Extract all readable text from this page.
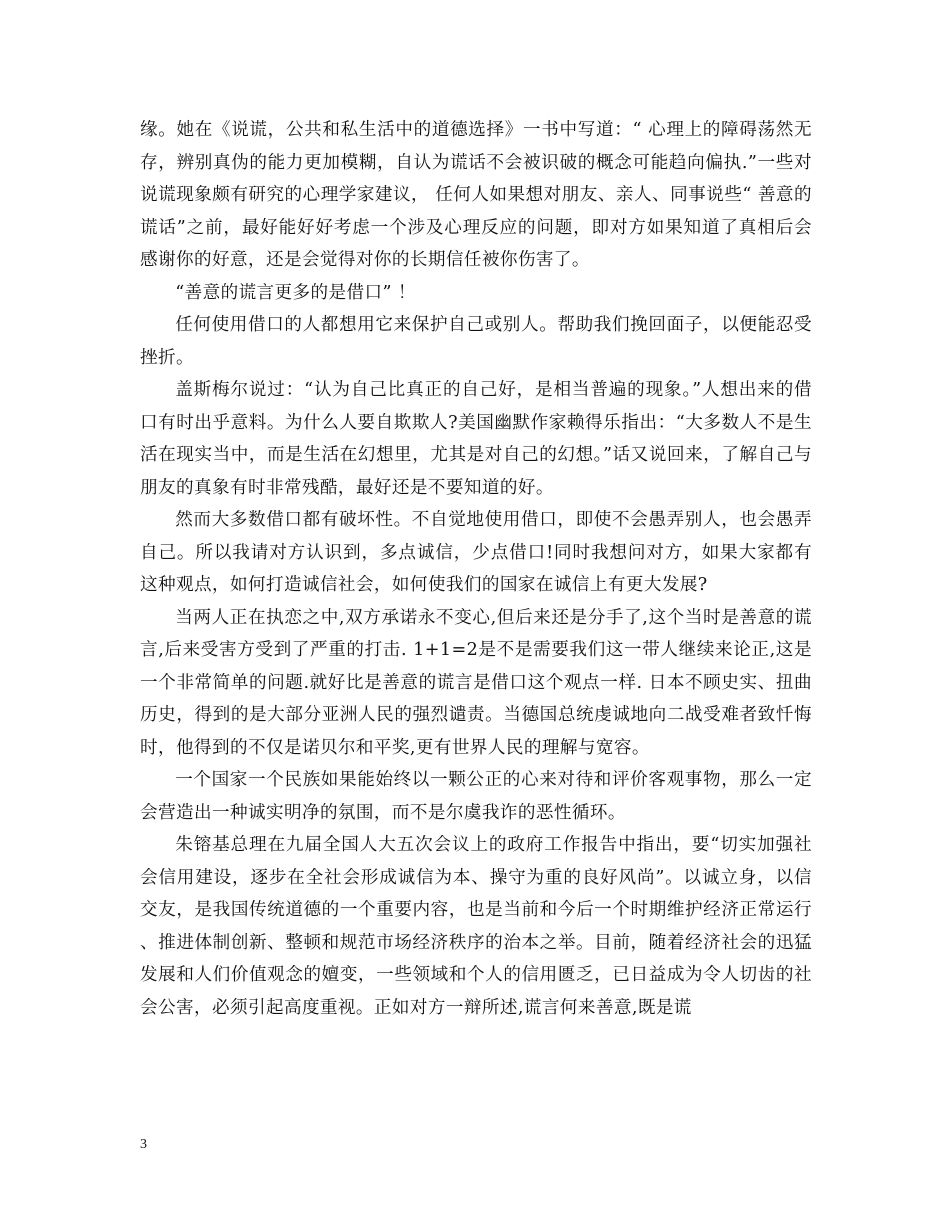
缘。她在《说谎，公共和私生活中的道德选择》一书中写道：“ 心理上的障碍荡然无存，辨别真伪的能力更加模糊，自认为谎话不会被识破的概念可能趋向偏执.”一些对说谎现象颇有研究的心理学家建议， 任何人如果想对朋友、亲人、同事说些“ 善意的谎话”之前，最好能好好考虑一个涉及心理反应的问题，即对方如果知道了真相后会感谢你的好意，还是会觉得对你的长期信任被你伤害了。

“善意的谎言更多的是借口” ！

任何使用借口的人都想用它来保护自己或别人。帮助我们挽回面子，以便能忍受挫折。

盖斯梅尔说过：“认为自己比真正的自己好，是相当普遍的现象。”人想出来的借口有时出乎意料。为什么人要自欺欺人?美国幽默作家赖得乐指出：“大多数人不是生活在现实当中，而是生活在幻想里，尤其是对自己的幻想。”话又说回来，了解自己与朋友的真象有时非常残酷，最好还是不要知道的好。

然而大多数借口都有破坏性。不自觉地使用借口，即使不会愚弄别人，也会愚弄自己。所以我请对方认识到，多点诚信，少点借口!同时我想问对方，如果大家都有这种观点，如何打造诚信社会，如何使我们的国家在诚信上有更大发展?

当两人正在执恋之中,双方承诺永不变心,但后来还是分手了,这个当时是善意的谎言,后来受害方受到了严重的打击. 1+1=2是不是需要我们这一带人继续来论正,这是一个非常简单的问题.就好比是善意的谎言是借口这个观点一样. 日本不顾史实、扭曲历史，得到的是大部分亚洲人民的强烈谴责。当德国总统虔诚地向二战受难者致忏悔时，他得到的不仅是诺贝尔和平奖,更有世界人民的理解与宽容。

一个国家一个民族如果能始终以一颗公正的心来对待和评价客观事物，那么一定会营造出一种诚实明净的氛围，而不是尔虞我诈的恶性循环。

朱镕基总理在九届全国人大五次会议上的政府工作报告中指出，要“切实加强社会信用建设，逐步在全社会形成诚信为本、操守为重的良好风尚”。以诚立身，以信交友，是我国传统道德的一个重要内容，也是当前和今后一个时期维护经济正常运行、推进体制创新、整顿和规范市场经济秩序的治本之举。目前，随着经济社会的迅猛发展和人们价值观念的嬗变，一些领域和个人的信用匮乏，已日益成为令人切齿的社会公害，必须引起高度重视。正如对方一辩所述,谎言何来善意,既是谎

3
